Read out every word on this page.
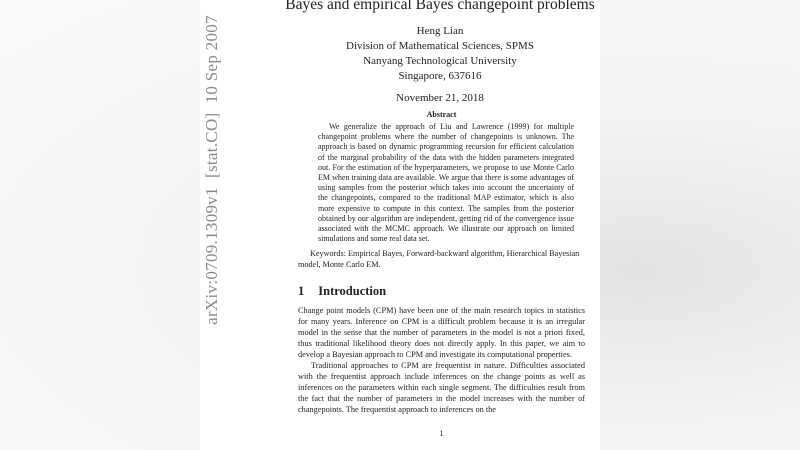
Bayes and empirical Bayes changepoint problems
Heng Lian
Division of Mathematical Sciences, SPMS
Nanyang Technological University
Singapore, 637616
November 21, 2018
Abstract
We generalize the approach of Liu and Lawrence (1999) for multiple changepoint problems where the number of changepoints is unknown. The approach is based on dynamic programming recursion for efficient calculation of the marginal probability of the data with the hidden parameters integrated out. For the estimation of the hyperparameters, we propose to use Monte Carlo EM when training data are available. We argue that there is some advantages of using samples from the posterior which takes into account the uncertainty of the changepoints, compared to the traditional MAP estimator, which is also more expensive to compute in this context. The samples from the posterior obtained by our algorithm are independent, getting rid of the convergence issue associated with the MCMC approach. We illustrate our approach on limited simulations and some real data set.
Keywords: Empirical Bayes, Forward-backward algorithm, Hierarchical Bayesian model, Monte Carlo EM.
1 Introduction

Change point models (CPM) have been one of the main research topics in statistics for many years. Inference on CPM is a difficult problem because it is an irregular model in the sense that the number of parameters in the model is not a priori fixed, thus traditional likelihood theory does not directly apply. In this paper, we aim to develop a Bayesian approach to CPM and investigate its computational properties.

Traditional approaches to CPM are frequentist in nature. Difficulties associated with the frequentist approach include inferences on the change points as well as inferences on the parameters within each single segment. The difficulties result from the fact that the number of parameters in the model increases with the number of changepoints. The frequentist approach to inferences on the

1
arXiv:0709.1309v1  [stat.CO]  10 Sep 2007
